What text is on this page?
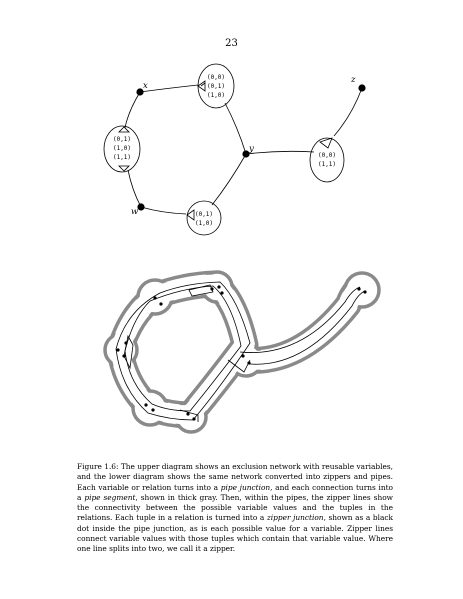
23
x
y
z
w
(0,0)
(0,1)
(1,0)
(0,1)
(1,0)
(1,1)	(0,0)
(1,1)
(0,1)
(1,0)
Figure 1.6: The upper diagram shows an exclusion network with reusable variables, and the lower diagram shows the same network converted into zippers and pipes. Each variable or relation turns into a pipe junction, and each connection turns into a pipe segment, shown in thick gray. Then, within the pipes, the zipper lines show the connectivity between the possible variable values and the tuples in the relations. Each tuple in a relation is turned into a zipper junction, shown as a black dot inside the pipe junction, as is each possible value for a variable. Zipper lines connect variable values with those tuples which contain that variable value. Where one line splits into two, we call it a zipper.
